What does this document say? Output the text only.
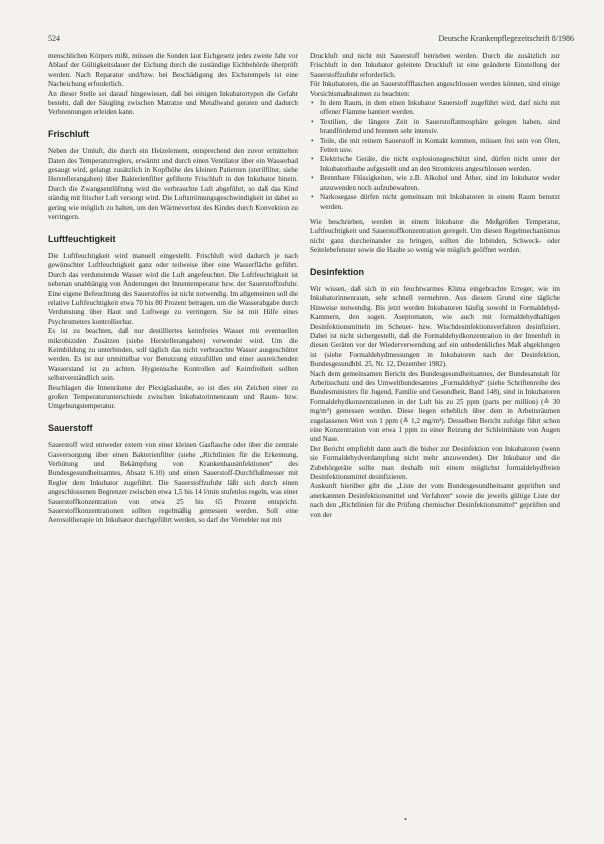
524	Deutsche Krankenpflegezeitschrift 8/1986

menschlichen Körpers mißt, müssen die Sonden laut Eichgesetz jedes zweite Jahr vor Ablauf der Gültigkeitsdauer der Eichung durch die zuständige Eichbehörde überprüft werden. Nach Reparatur und/bzw. bei Beschädigung des Eichstempels ist eine Nacheichung erforderlich.

An dieser Stelle sei darauf hingewiesen, daß bei einigen Inkubatortypen die Gefahr besteht, daß der Säugling zwischen Matratze und Metallwand geraten und dadurch Verbrennungen erleiden kann.

Frischluft

Neben der Umluft, die durch ein Heizelement, entsprechend den zuvor ermittelten Daten des Temperaturreglers, erwärmt und durch einen Ventilator über ein Wasserbad gesaugt wird, gelangt zusätzlich in Kopfhöhe des kleinen Patienten (sterilfilter, siehe Herstellerangaben) über Bakterienfilter gefilterte Frischluft in den Inkubator hinein. Durch die Zwangsentlüftung wird die verbrauchte Luft abgeführt, so daß das Kind ständig mit frischer Luft versorgt wird. Die Luftströmungsgeschwindigkeit ist dabei so gering wie möglich zu halten, um den Wärmeverlust des Kindes durch Konvektion zu verringern.

Luftfeuchtigkeit

Die Luftfeuchtigkeit wird manuell eingestellt. Frischluft wird dadurch je nach gewünschter Luftfeuchtigkeit ganz oder teilweise über eine Wasserfläche geführt. Durch das verdunstende Wasser wird die Luft angefeuchtet. Die Luftfeuchtigkeit ist nebenan unabhängig von Änderungen der Innentemperatur bzw. der Sauerstoffzufuhr. Eine eigene Befeuchtung des Sauerstoffes ist nicht notwendig. Im allgemeinen soll die relative Luftfeuchtigkeit etwa 70 bis 80 Prozent betragen, um die Wasserabgabe durch Verdunstung über Haut und Luftwege zu verringern. Sie ist mit Hilfe eines Psychrometers kontrollierbar.

Es ist zu beachten, daß nur destilliertes keimfreies Wasser mit eventuellen mikrobiziden Zusätzen (siehe Herstellerangaben) verwendet wird. Um die Keimbildung zu unterbinden, soll täglich das nicht verbrauchte Wasser ausgeschüttet werden. Es ist nur unmittelbar vor Benutzung einzufüllen und einer ausreichenden Wasserstand ist zu achten. Hygienische Kontrollen auf Keimfreiheit sollten selbstverständlich sein.

Beschlagen die Innenräume der Plexiglashaube, so ist dies ein Zeichen einer zu großen Temperaturunterschiede zwischen Inkubatorinnenraum und Raum- bzw. Umgebungstemperatur.

Sauerstoff

Sauerstoff wird entweder extern von einer kleinen Gasflasche oder über die zentrale Gasversorgung über einen Bakterienfilter (siehe „Richtlinien für die Erkennung, Verhütung und Bekämpfung von Krankenhausinfektionen“ des Bundesgesundheitsamtes, Absatz 6.10) und einen Sauerstoff-Durchflußmesser mit Regler dem Inkubator zugeführt. Die Sauerstoffzufuhr läßt sich durch einen angeschlossenen Begrenzer zwischen etwa 1,5 bis 14 l/min stufenlos regeln, was einer Sauerstoffkonzentration von etwa 25 bis 65 Prozent entspricht. Sauerstoffkonzentrationen sollten regelmäßig gemessen werden. Soll eine Aerosoltherapie im Inkubator durchgeführt werden, so darf der Vernebler nur mit

Druckluft und nicht mit Sauerstoff betrieben werden. Durch die zusätzlich zur Frischluft in den Inkubator geleitete Druckluft ist eine geänderte Einstellung der Sauerstoffzufuhr erforderlich.

Für Inkubatoren, die an Sauerstoffflaschen angeschlossen werden können, sind einige Vorsichtsmaßnahmen zu beachten:

• In dem Raum, in dem einen Inkubator Sauerstoff zugeführt wird, darf nicht mit offener Flamme hantiert werden.
• Textilien, die längere Zeit in Sauerstoffatmosphäre gelegen haben, sind brandfördernd und brennen sehr intensiv.
• Teile, die mit reinem Sauerstoff in Kontakt kommen, müssen frei sein von Ölen, Fetten usw.
• Elektrische Geräte, die nicht explosionsgeschützt sind, dürfen nicht unter der Inkubatorhaube aufgestellt und an den Stromkreis angeschlossen werden.
• Brennbare Flüssigkeiten, wie z.B. Alkohol und Äther, sind im Inkubator weder anzuwenden noch aufzubewahren.
• Narkosegase dürfen nicht gemeinsam mit Inkubatoren in einem Raum benutzt werden.

Wie beschrieben, werden in einem Inkubator die Meßgrößen Temperatur, Luftfeuchtigkeit und Sauerstoffkonzentration geregelt. Um diesen Regelmechanismus nicht ganz durcheinander zu bringen, sollten die Inbinden, Schweck- oder Seitelebefenster sowie die Haube so wenig wie möglich geöffnet werden.

Desinfektion

Wir wissen, daß sich in ein feuchtwarmes Klima eingebrachte Erreger, wie im Inkubatorinnenraum, sehr schnell vermehren. Aus diesem Grund eine tägliche Hinweise notwendig. Bis jetzt werden Inkubatoren häufig sowohl in Formaldehyd-Kammern, den sogen. Aseptomaten, wie auch mit formaldehydhaltigen Desinfektionsmitteln im Scheuer- bzw. Wischdesinfektionsverfahren desinfiziert. Dabei ist nicht sichergestellt, daß die Formaldehydkonzentration in der Innenluft in diesen Geräten vor der Wiederverwendung auf ein unbedenkliches Maß abgeklungen ist (siehe Formaldehydmessungen in Inkubatoren nach der Desinfektion, Bundesgesundhbl. 25, Nr. 12, Dezember 1982).

Nach dem gemeinsamen Bericht des Bundesgesundheitsamtes, der Bundesanstalt für Arbeitsschutz und des Umweltbundesamtes „Formaldehyd“ (siehe Schriftenreihe des Bundesministers für Jugend, Familie und Gesundheit, Band 148), sind in Inkubatoren Formaldehydkonzentrationen in der Luft bis zu 25 ppm (parts per million) (≙ 30 mg/m³) gemessen worden. Diese liegen erheblich über dem in Arbeitsräumen zugelassenen Wert von 1 ppm (≙ 1,2 mg/m³). Desselben Bericht zufolge führt schon eine Konzentration von etwa 1 ppm zu einer Reizung der Schleimhäute von Augen und Nase.

Der Bericht empfiehlt dann auch die bisher zur Desinfektion von Inkubatoren (wenn sie Formaldehydverdampfung nicht mehr anzuwenden). Der Inkubator und die Zubehörgeräte sollte man deshalb mit einem möglichst formaldehydfreien Desinfektionsmittel desinfizieren.

Auskunft hierüber gibt die „Liste der vom Bundesgesundheitsamt geprüften und anerkannten Desinfektionsmittel und Verfahren“ sowie die jeweils gültige Liste der nach den „Richtlinien für die Prüfung chemischer Desinfektionsmittel“ geprüften und von der

•
